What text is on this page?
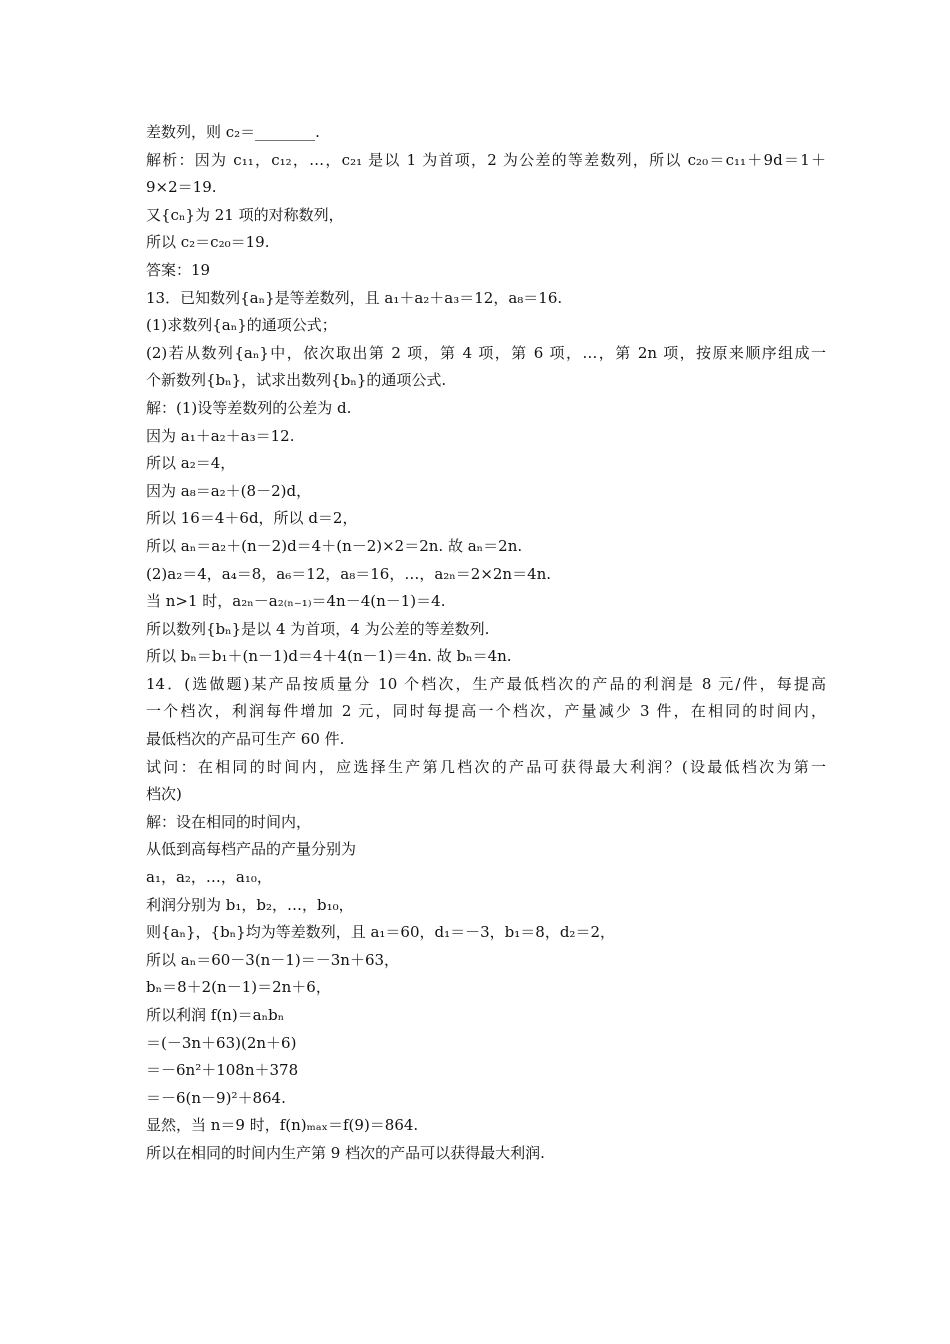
差数列，则 c₂＝________.
解析：因为 c₁₁，c₁₂，…，c₂₁ 是以 1 为首项，2 为公差的等差数列，所以 c₂₀＝c₁₁＋9d＝1＋
9×2＝19.
又{cₙ}为 21 项的对称数列，
所以 c₂＝c₂₀＝19.
答案：19
13．已知数列{aₙ}是等差数列，且 a₁＋a₂＋a₃＝12，a₈＝16.
(1)求数列{aₙ}的通项公式；
(2)若从数列{aₙ}中，依次取出第 2 项，第 4 项，第 6 项，…，第 2n 项，按原来顺序组成一
个新数列{bₙ}，试求出数列{bₙ}的通项公式.
解：(1)设等差数列的公差为 d.
因为 a₁＋a₂＋a₃＝12.
所以 a₂＝4，
因为 a₈＝a₂＋(8－2)d，
所以 16＝4＋6d，所以 d＝2，
所以 aₙ＝a₂＋(n－2)d＝4＋(n－2)×2＝2n. 故 aₙ＝2n.
(2)a₂＝4，a₄＝8，a₆＝12，a₈＝16，…，a₂ₙ＝2×2n＝4n.
当 n>1 时，a₂ₙ－a₂₍ₙ₋₁₎＝4n－4(n－1)＝4.
所以数列{bₙ}是以 4 为首项，4 为公差的等差数列.
所以 bₙ＝b₁＋(n－1)d＝4＋4(n－1)＝4n. 故 bₙ＝4n.
14．(选做题)某产品按质量分 10 个档次，生产最低档次的产品的利润是 8 元/件，每提高
一个档次，利润每件增加 2 元，同时每提高一个档次，产量减少 3 件，在相同的时间内，
最低档次的产品可生产 60 件.
试问：在相同的时间内，应选择生产第几档次的产品可获得最大利润？(设最低档次为第一
档次)
解：设在相同的时间内，
从低到高每档产品的产量分别为
a₁，a₂，…，a₁₀，
利润分别为 b₁，b₂，…，b₁₀，
则{aₙ}，{bₙ}均为等差数列，且 a₁＝60，d₁＝－3，b₁＝8，d₂＝2，
所以 aₙ＝60－3(n－1)＝－3n＋63，
bₙ＝8＋2(n－1)＝2n＋6，
所以利润 f(n)＝aₙbₙ
＝(－3n＋63)(2n＋6)
＝－6n²＋108n＋378
＝－6(n－9)²＋864.
显然，当 n＝9 时，f(n)ₘₐₓ＝f(9)＝864.
所以在相同的时间内生产第 9 档次的产品可以获得最大利润.
